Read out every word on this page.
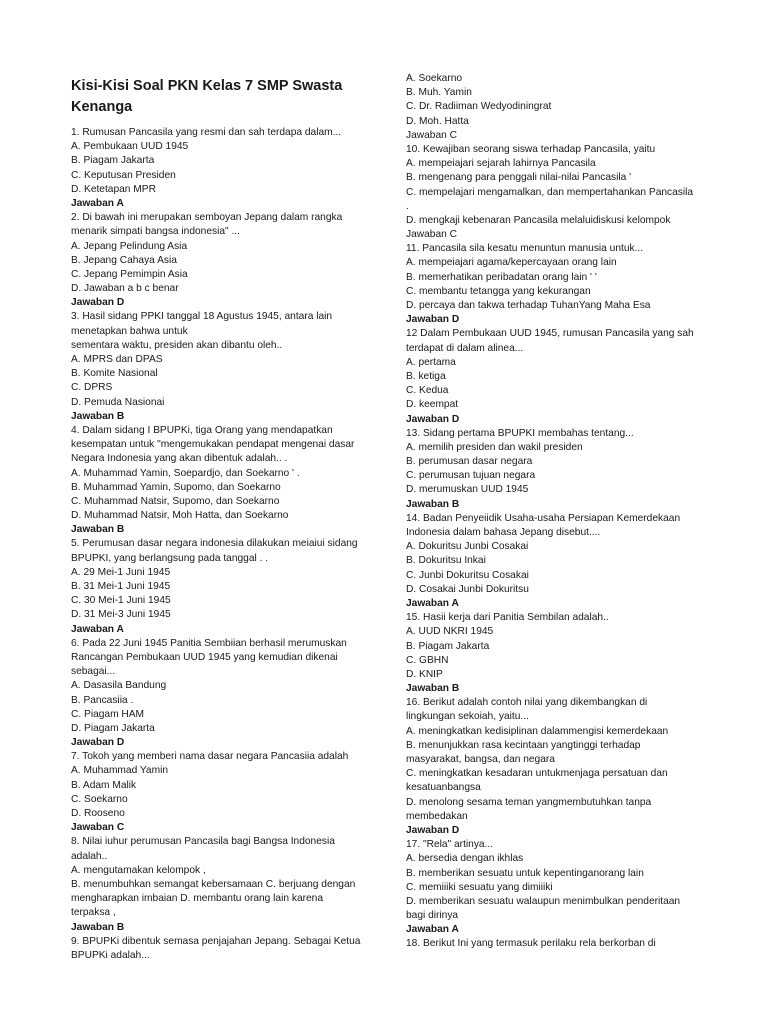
Kisi-Kisi Soal PKN Kelas 7 SMP Swasta
Kenanga
1. Rumusan Pancasila yang resmi dan sah terdapa dalam...
A. Pembukaan UUD 1945
B. Piagam Jakarta
C. Keputusan Presiden
D. Ketetapan MPR
Jawaban A
2. Di bawah ini merupakan semboyan Jepang dalam rangka
menarik simpati bangsa indonesia" ...
A. Jepang Pelindung Asia
B. Jepang Cahaya Asia
C. Jepang Pemimpin Asia
D. Jawaban a b c benar
Jawaban D
3. Hasil sidang PPKI tanggal 18 Agustus 1945, antara lain
menetapkan bahwa untuk
sementara waktu, presiden akan dibantu oleh..
A. MPRS dan DPAS
B. Komite Nasional
C. DPRS
D. Pemuda Nasionai
Jawaban B
4. Dalam sidang I BPUPKi, tiga Orang yang mendapatkan
kesempatan untuk "mengemukakan pendapat mengenai dasar
Negara Indonesia yang akan dibentuk adalah.. .
A. Muhammad Yamin, Soepardjo, dan Soekarno ' .
B. Muhammad Yamin, Supomo, dan Soekarno
C. Muhammad Natsir, Supomo, dan Soekarno
D. Muhammad Natsir, Moh Hatta, dan Soekarno
Jawaban B
5. Perumusan dasar negara indonesia dilakukan meiaiui sidang
BPUPKI, yang berlangsung pada tanggal . .
A. 29 Mei-1 Juni 1945
B. 31 Mei-1 Juni 1945
C. 30 Mei-1 Juni 1945
D. 31 Mei-3 Juni 1945
Jawaban A
6. Pada 22 Juni 1945 Panitia Sembiian berhasil merumuskan
Rancangan Pembukaan UUD 1945 yang kemudian dikenai
sebagai...
A. Dasasila Bandung
B. Pancasiia .
C. Piagam HAM
D. Piagam Jakarta
Jawaban D
7. Tokoh yang memberi nama dasar negara Pancasiia adalah
A. Muhammad Yamin
B. Adam Malik
C. Soekarno
D. Rooseno
Jawaban C
8. Nilai iuhur perumusan Pancasila bagi Bangsa Indonesia
adalah..
A. mengutamakan kelompok ,
B. menumbuhkan semangat kebersamaan C. berjuang dengan
mengharapkan imbaian D. membantu orang lain karena
terpaksa ,
Jawaban B
9. BPUPKi dibentuk semasa penjajahan Jepang. Sebagai Ketua
BPUPKi adalah...
A. Soekarno
B. Muh. Yamin
C. Dr. Radiiman Wedyodiningrat
D. Moh. Hatta
Jawaban C
10. Kewajiban seorang siswa terhadap Pancasila, yaitu
A. mempeiajari sejarah lahirnya Pancasila
B. mengenang para penggali nilai-nilai Pancasila '
C. mempelajari mengamalkan, dan mempertahankan Pancasila
.
D. mengkaji kebenaran Pancasila melaluidiskusi kelompok
Jawaban C
11. Pancasila sila kesatu menuntun manusia untuk...
A. mempeiajari agama/kepercayaan orang lain
B. memerhatikan peribadatan orang lain ' '
C. membantu tetangga yang kekurangan
D. percaya dan takwa terhadap TuhanYang Maha Esa
Jawaban D
12 Dalam Pembukaan UUD 1945, rumusan Pancasila yang sah
terdapat di dalam alinea...
A. pertama
B. ketiga
C. Kedua
D. keempat
Jawaban D
13. Sidang pertama BPUPKI membahas tentang...
A. memilih presiden dan wakil presiden
B. perumusan dasar negara
C. perumusan tujuan negara
D. merumuskan UUD 1945
Jawaban B
14. Badan Penyeiidik Usaha-usaha Persiapan Kemerdekaan
Indonesia dalam bahasa Jepang disebut....
A. Dokuritsu Junbi Cosakai
B. Dokuritsu Inkai
C. Junbi Dokuritsu Cosakai
D. Cosakai Junbi Dokuritsu
Jawaban A
15. Hasii kerja dari Panitia Sembilan adalah..
A. UUD NKRI 1945
B. Piagam Jakarta
C. GBHN
D. KNIP
Jawaban B
16. Berikut adalah contoh nilai yang dikembangkan di
lingkungan sekoiah, yaitu...
A. meningkatkan kedisiplinan dalammengisi kemerdekaan
B. menunjukkan rasa kecintaan yangtinggi terhadap
masyarakat, bangsa, dan negara
C. meningkatkan kesadaran untukmenjaga persatuan dan
kesatuanbangsa
D. menolong sesama teman yangmembutuhkan tanpa
membedakan
Jawaban D
17. "Rela" artinya...
A. bersedia dengan ikhlas
B. memberikan sesuatu untuk kepentinganorang lain
C. memiiiki sesuatu yang dimiiiki
D. memberikan sesuatu walaupun menimbulkan penderitaan
bagi dirinya
Jawaban A
18. Berikut Ini yang termasuk perilaku rela berkorban di
